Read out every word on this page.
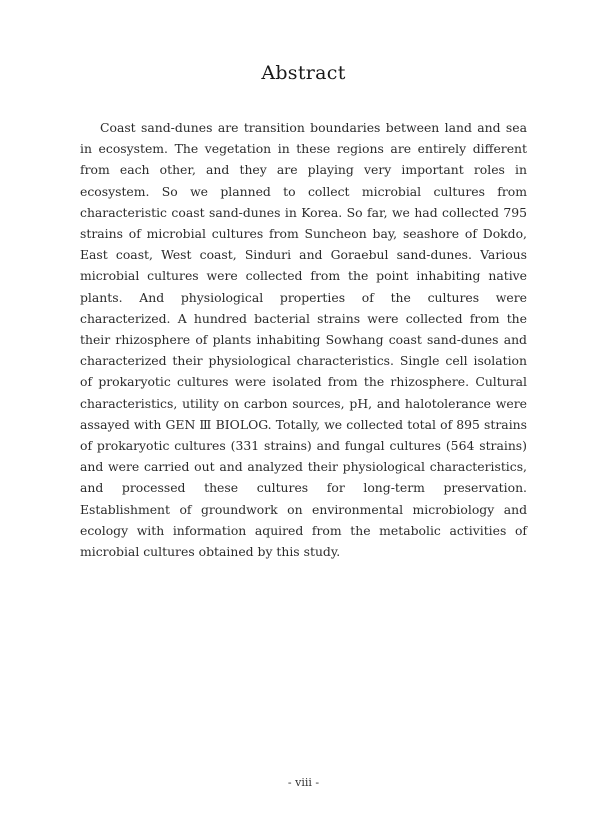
Abstract

Coast sand-dunes are transition boundaries between land and sea in ecosystem. The vegetation in these regions are entirely different from each other, and they are playing very important roles in ecosystem. So we planned to collect microbial cultures from characteristic coast sand-dunes in Korea. So far, we had collected 795 strains of microbial cultures from Suncheon bay, seashore of Dokdo, East coast, West coast, Sinduri and Goraebul sand-dunes. Various microbial cultures were collected from the point inhabiting native plants. And physiological properties of the cultures were characterized. A hundred bacterial strains were collected from the their rhizosphere of plants inhabiting Sowhang coast sand-dunes and characterized their physiological characteristics. Single cell isolation of prokaryotic cultures were isolated from the rhizosphere. Cultural characteristics, utility on carbon sources, pH, and halotolerance were assayed with GEN Ⅲ BIOLOG. Totally, we collected total of 895 strains of prokaryotic cultures (331 strains) and fungal cultures (564 strains) and were carried out and analyzed their physiological characteristics, and processed these cultures for long-term preservation. Establishment of groundwork on environmental microbiology and ecology with information aquired from the metabolic activities of microbial cultures obtained by this study.

- viii -
